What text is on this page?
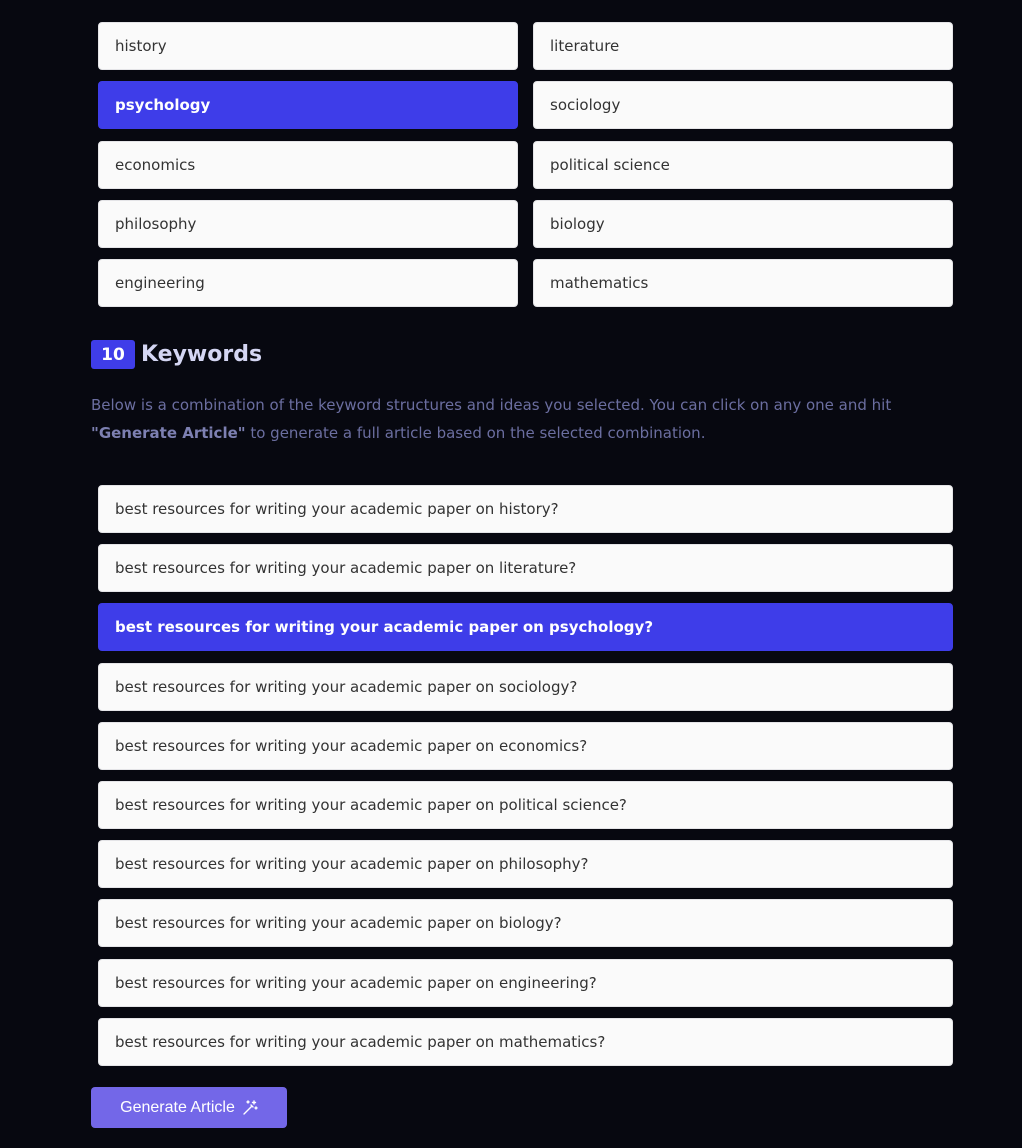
history	literature
psychology	sociology
economics	political science
philosophy	biology
engineering	mathematics
10 Keywords

Below is a combination of the keyword structures and ideas you selected. You can click on any one and hit "Generate Article" to generate a full article based on the selected combination.

best resources for writing your academic paper on history?
best resources for writing your academic paper on literature?
best resources for writing your academic paper on psychology?
best resources for writing your academic paper on sociology?
best resources for writing your academic paper on economics?
best resources for writing your academic paper on political science?
best resources for writing your academic paper on philosophy?
best resources for writing your academic paper on biology?
best resources for writing your academic paper on engineering?
best resources for writing your academic paper on mathematics?
Generate Article
